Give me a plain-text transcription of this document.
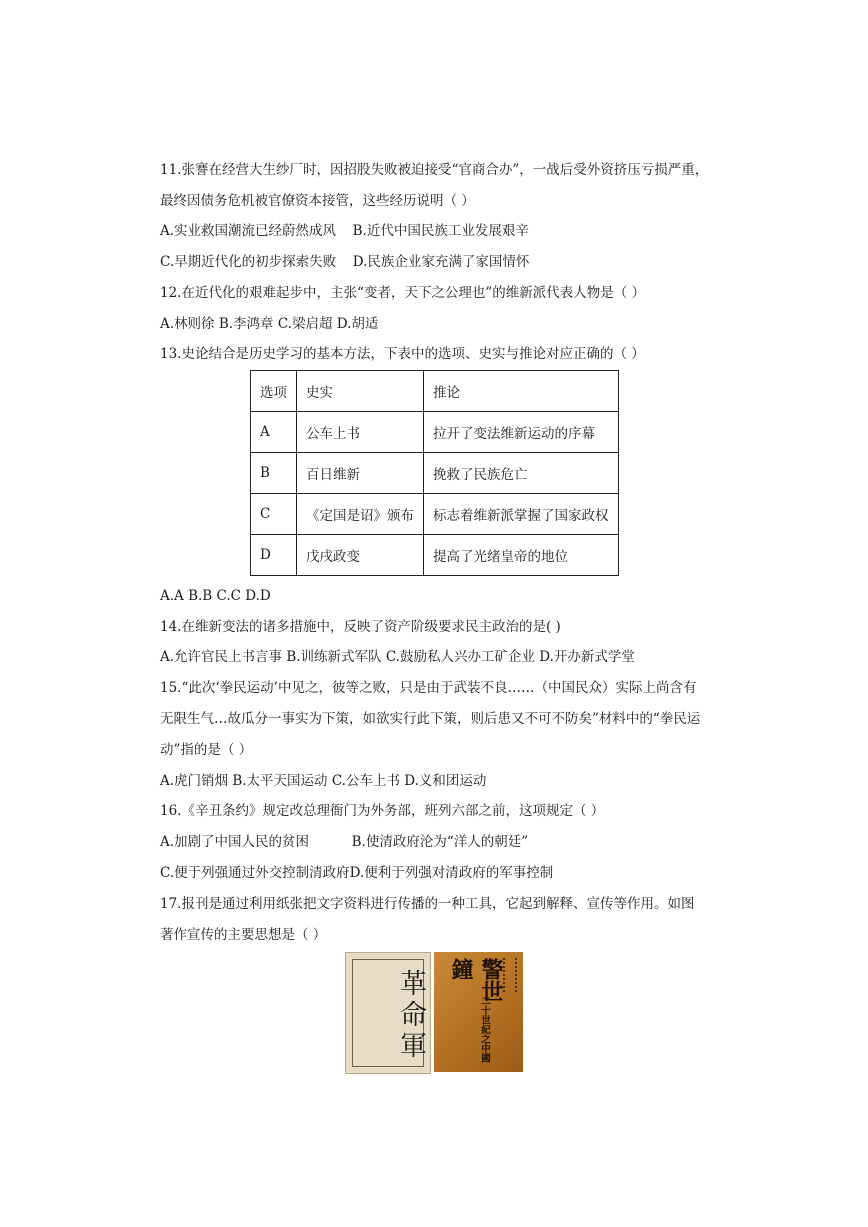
11.张謇在经营大生纱厂时，因招股失败被迫接受“官商合办”，一战后受外资挤压亏损严重，
最终因债务危机被官僚资本接管，这些经历说明（ ）
A.实业救国潮流已经蔚然成风 B.近代中国民族工业发展艰辛
C.早期近代化的初步探索失败 D.民族企业家充满了家国情怀
12.在近代化的艰难起步中，主张“变者，天下之公理也”的维新派代表人物是（ ）
A.林则徐 B.李鸿章 C.梁启超 D.胡适
13.史论结合是历史学习的基本方法，下表中的选项、史实与推论对应正确的（ ）
选项	史实	推论
A	公车上书	拉开了变法维新运动的序幕
B	百日维新	挽救了民族危亡
C	《定国是诏》颁布	标志着维新派掌握了国家政权
D	戊戌政变	提高了光绪皇帝的地位
A.A B.B C.C D.D
14.在维新变法的诸多措施中，反映了资产阶级要求民主政治的是( )
A.允许官民上书言事 B.训练新式军队 C.鼓励私人兴办工矿企业 D.开办新式学堂
15.“此次‘拳民运动’中见之，彼等之败，只是由于武装不良……（中国民众）实际上尚含有
无限生气…故瓜分一事实为下策，如欲实行此下策，则后患又不可不防矣”材料中的“拳民运
动”指的是（ ）
A.虎门销烟 B.太平天国运动 C.公车上书 D.义和团运动
16.《辛丑条约》规定改总理衙门为外务部，班列六部之前，这项规定（ ）
A.加剧了中国人民的贫困	B.使清政府沦为“洋人的朝廷”
C.便于列强通过外交控制清政府D.便利于列强对清政府的军事控制
17.报刊是通过利用纸张把文字资料进行传播的一种工具，它起到解释、宣传等作用。如图
著作宣传的主要思想是（ ）
革命軍	警世鐘
二十世紀之中國
